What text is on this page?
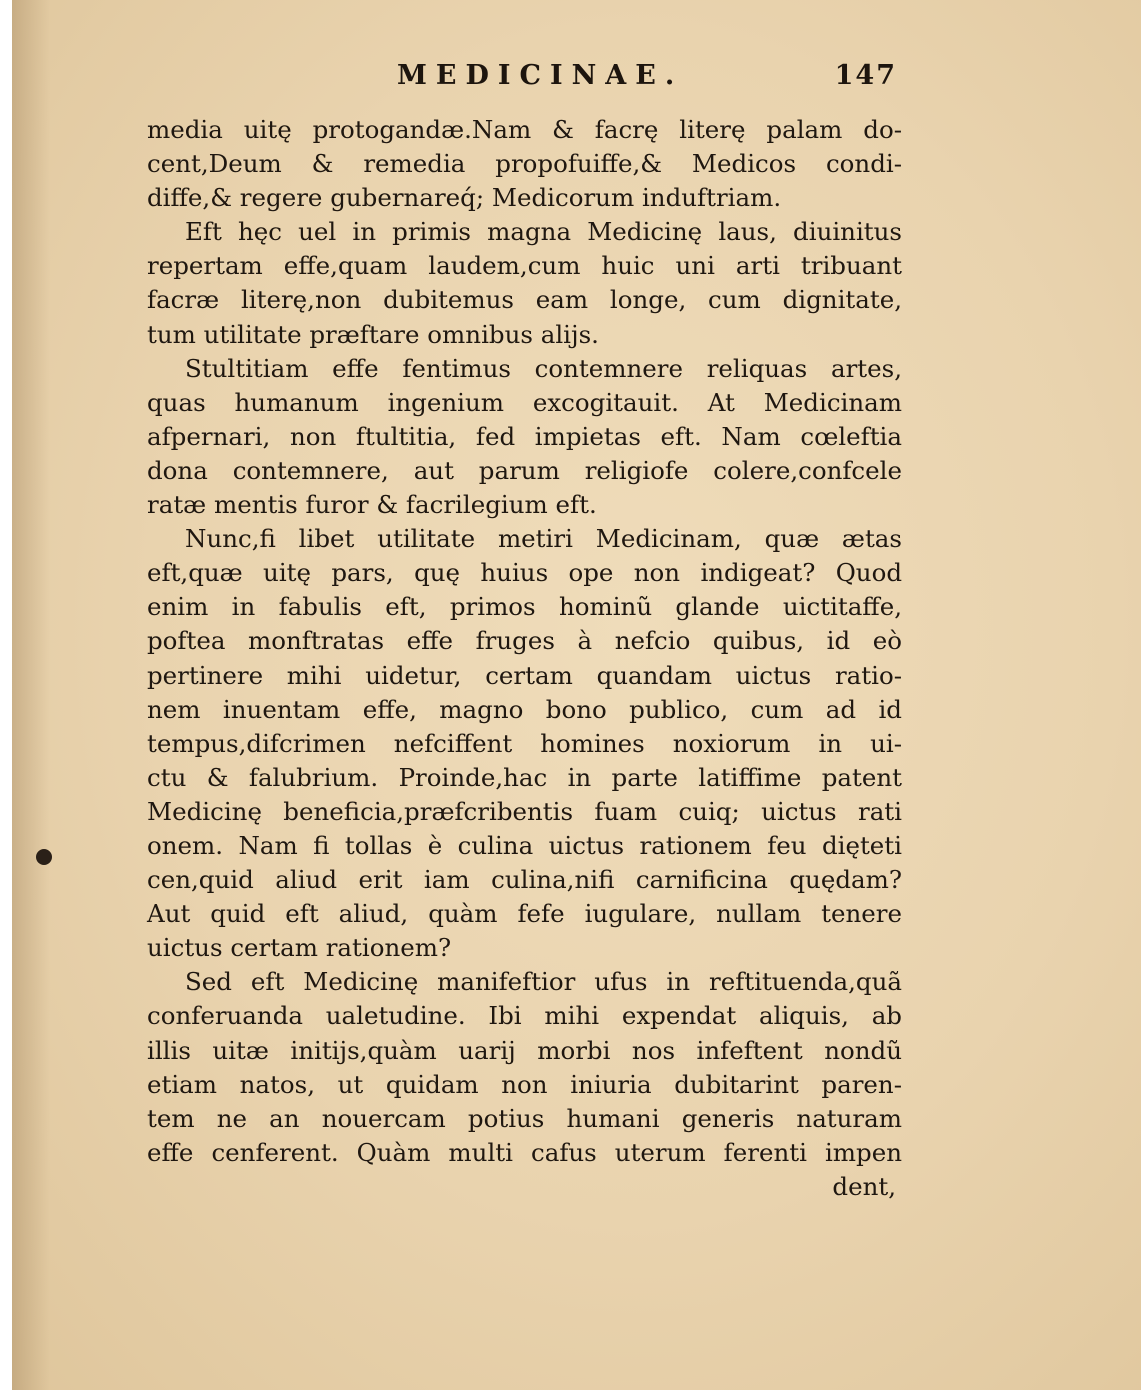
MEDICINAE.	147
media uitę protogandæ.Nam & facrę literę palam do-
cent,Deum & remedia propofuiffe,& Medicos condi-
diffe,& regere gubernareq́; Medicorum induftriam.
Eft hęc uel in primis magna Medicinę laus, diuinitus
repertam effe,quam laudem,cum huic uni arti tribuant
facræ literę,non dubitemus eam longe, cum dignitate,
tum utilitate præftare omnibus alijs.
Stultitiam effe fentimus contemnere reliquas artes,
quas humanum ingenium excogitauit. At Medicinam
afpernari, non ftultitia, fed impietas eft. Nam cœleftia
dona contemnere, aut parum religiofe colere,confcele
ratæ mentis furor & facrilegium eft.
Nunc,fi libet utilitate metiri Medicinam, quæ ætas
eft,quæ uitę pars, quę huius ope non indigeat? Quod
enim in fabulis eft, primos hominũ glande uictitaffe,
poftea monftratas effe fruges à nefcio quibus, id eò
pertinere mihi uidetur, certam quandam uictus ratio-
nem inuentam effe, magno bono publico, cum ad id
tempus,difcrimen nefciffent homines noxiorum in ui-
ctu & falubrium. Proinde,hac in parte latiffime patent
Medicinę beneficia,præfcribentis fuam cuiq; uictus rati
onem. Nam fi tollas è culina uictus rationem feu dięteti
cen,quid aliud erit iam culina,nifi carnificina quędam?
Aut quid eft aliud, quàm fefe iugulare, nullam tenere
uictus certam rationem?
Sed eft Medicinę manifeftior ufus in reftituenda,quã
conferuanda ualetudine. Ibi mihi expendat aliquis, ab
illis uitæ initijs,quàm uarij morbi nos infeftent nondũ
etiam natos, ut quidam non iniuria dubitarint paren-
tem ne an nouercam potius humani generis naturam
effe cenferent. Quàm multi cafus uterum ferenti impen
dent,
